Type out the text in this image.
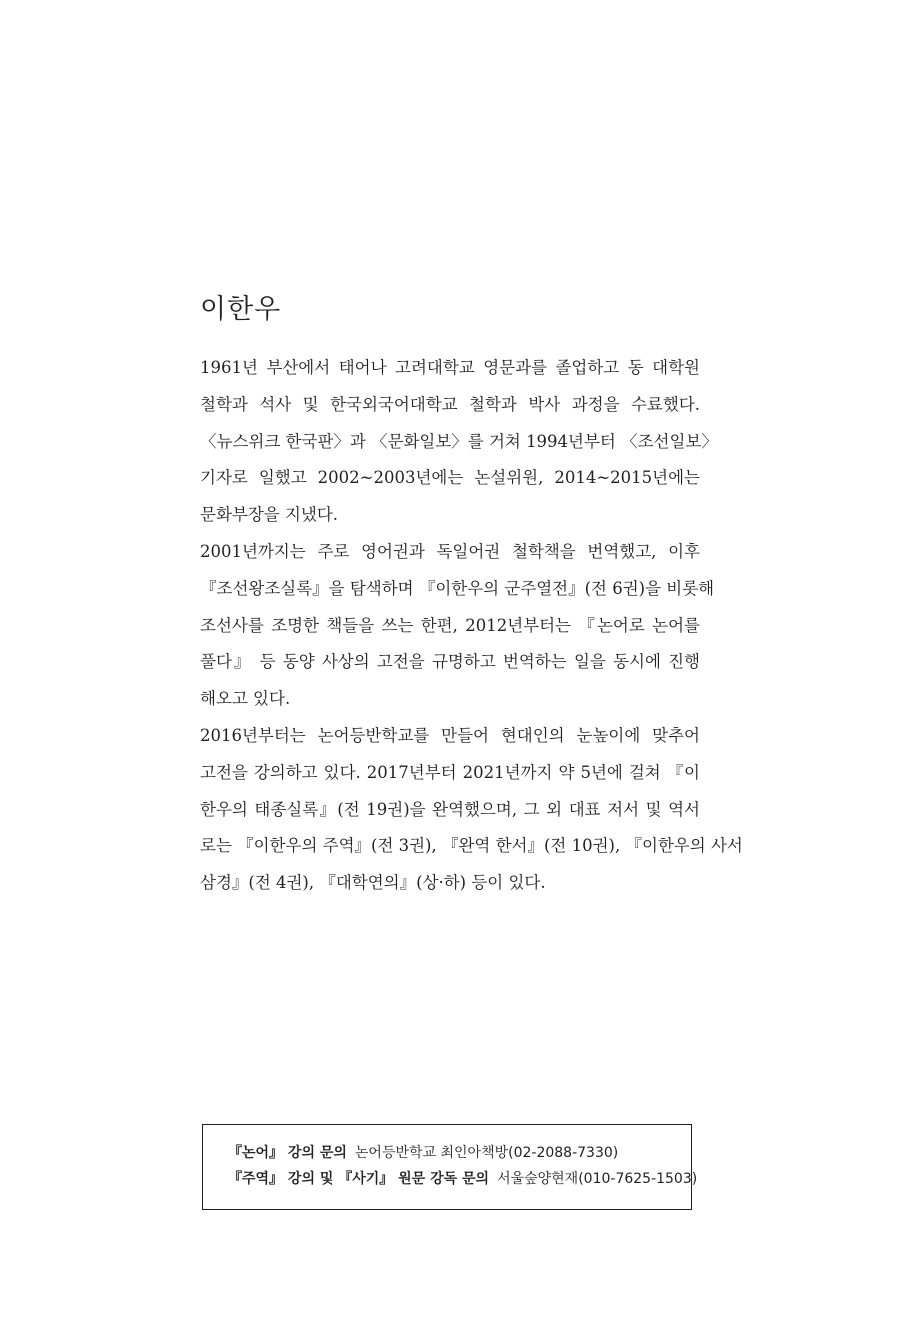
이한우
1961년 부산에서 태어나 고려대학교 영문과를 졸업하고 동 대학원
철학과 석사 및 한국외국어대학교 철학과 박사 과정을 수료했다.
〈뉴스위크 한국판〉과 〈문화일보〉를 거쳐 1994년부터 〈조선일보〉
기자로 일했고 2002~2003년에는 논설위원, 2014~2015년에는
문화부장을 지냈다.
2001년까지는 주로 영어권과 독일어권 철학책을 번역했고, 이후
『조선왕조실록』을 탐색하며 『이한우의 군주열전』(전 6권)을 비롯해
조선사를 조명한 책들을 쓰는 한편, 2012년부터는 『논어로 논어를
풀다』 등 동양 사상의 고전을 규명하고 번역하는 일을 동시에 진행
해오고 있다.
2016년부터는 논어등반학교를 만들어 현대인의 눈높이에 맞추어
고전을 강의하고 있다. 2017년부터 2021년까지 약 5년에 걸쳐 『이
한우의 태종실록』(전 19권)을 완역했으며, 그 외 대표 저서 및 역서
로는 『이한우의 주역』(전 3권), 『완역 한서』(전 10권), 『이한우의 사서
삼경』(전 4권), 『대학연의』(상·하) 등이 있다.
『논어』 강의 문의 논어등반학교 최인아책방(02-2088-7330)
『주역』 강의 및 『사기』 원문 강독 문의 서울숲양현재(010-7625-1503)
